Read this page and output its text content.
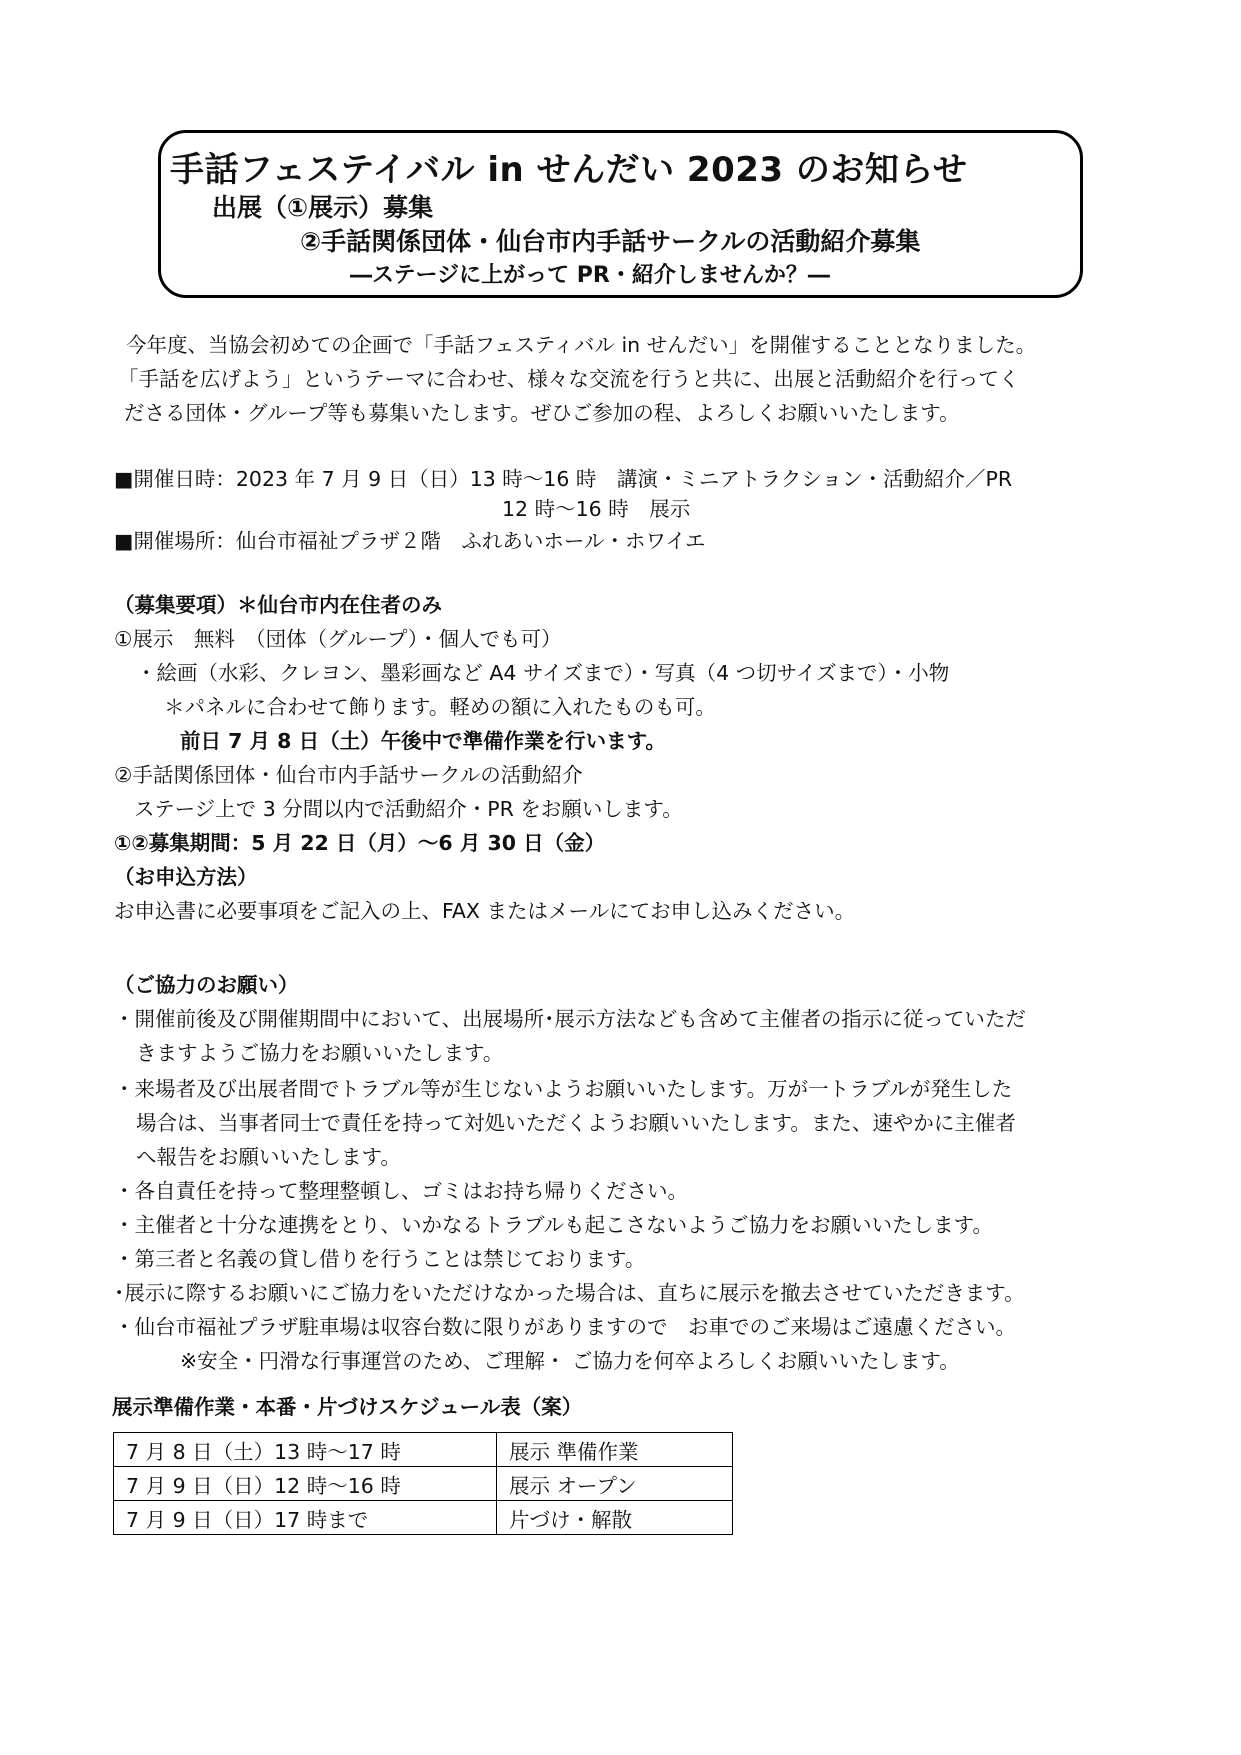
手話フェステイバル in せんだい 2023 のお知らせ
出展（①展示）募集
②手話関係団体・仙台市内手話サークルの活動紹介募集
―ステージに上がって PR・紹介しませんか？―
今年度、当協会初めての企画で「手話フェスティバル in せんだい」を開催することとなりました。
「手話を広げよう」というテーマに合わせ、様々な交流を行うと共に、出展と活動紹介を行ってく
ださる団体・グループ等も募集いたします。ぜひご参加の程、よろしくお願いいたします。
■開催日時：2023 年 7 月 9 日（日）13 時～16 時　講演・ミニアトラクション・活動紹介／PR
12 時～16 時　展示
■開催場所：仙台市福祉プラザ２階　ふれあいホール・ホワイエ
（募集要項）＊仙台市内在住者のみ
①展示　無料　（団体（グループ）・個人でも可）
・絵画（水彩、クレヨン、墨彩画など A4 サイズまで）・写真（4 つ切サイズまで）・小物
＊パネルに合わせて飾ります。軽めの額に入れたものも可。
前日 7 月 8 日（土）午後中で準備作業を行います。
②手話関係団体・仙台市内手話サークルの活動紹介
ステージ上で 3 分間以内で活動紹介・PR をお願いします。
①②募集期間：5 月 22 日（月）～6 月 30 日（金）
（お申込方法）
お申込書に必要事項をご記入の上、FAX またはメールにてお申し込みください。
（ご協力のお願い）
・開催前後及び開催期間中において、出展場所･展示方法なども含めて主催者の指示に従っていただ
きますようご協力をお願いいたします。
・来場者及び出展者間でトラブル等が生じないようお願いいたします。万が一トラブルが発生した
場合は、当事者同士で責任を持って対処いただくようお願いいたします。また、速やかに主催者
へ報告をお願いいたします。
・各自責任を持って整理整頓し、ゴミはお持ち帰りください。
・主催者と十分な連携をとり、いかなるトラブルも起こさないようご協力をお願いいたします。
・第三者と名義の貸し借りを行うことは禁じております。
･展示に際するお願いにご協力をいただけなかった場合は、直ちに展示を撤去させていただきます。
・仙台市福祉プラザ駐車場は収容台数に限りがありますので　お車でのご来場はご遠慮ください。
※安全・円滑な行事運営のため、ご理解・ ご協力を何卒よろしくお願いいたします。
展示準備作業・本番・片づけスケジュール表（案）
7 月 8 日（土）13 時～17 時	展示 準備作業
7 月 9 日（日）12 時～16 時	展示 オープン
7 月 9 日（日）17 時まで	片づけ・解散
